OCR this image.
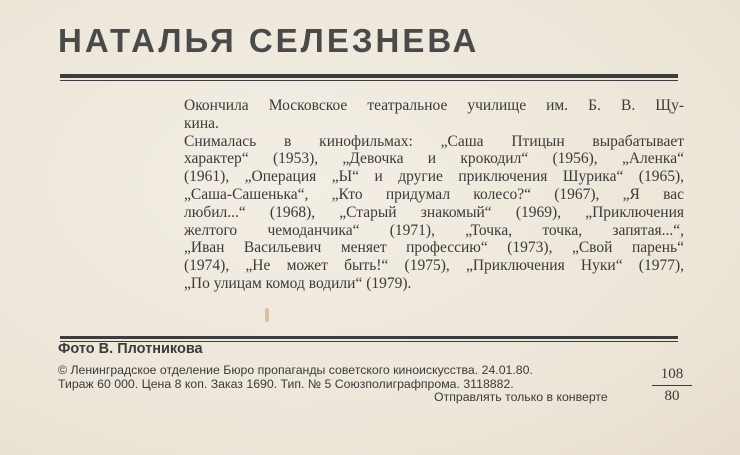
НАТАЛЬЯ СЕЛЕЗНЕВА
Окончила Московское театральное училище им. Б. В. Щу-
кина.
Снималась в кинофильмах: „Саша Птицын вырабатывает
характер“ (1953), „Девочка и крокодил“ (1956), „Аленка“
(1961), „Операция „Ы“ и другие приключения Шурика“ (1965),
„Саша-Сашенька“, „Кто придумал колесо?“ (1967), „Я вас
любил...“ (1968), „Старый знакомый“ (1969), „Приключения
желтого чемоданчика“ (1971), „Точка, точка, запятая...“,
„Иван Васильевич меняет профессию“ (1973), „Свой парень“
(1974), „Не может быть!“ (1975), „Приключения Нуки“ (1977),
„По улицам комод водили“ (1979).
Фото В. Плотникова
© Ленинградское отделение Бюро пропаганды советского киноискусства. 24.01.80.
Тираж 60 000. Цена 8 коп. Заказ 1690. Тип. № 5 Союзполиграфпрома. 3118882.
Отправлять только в конверте
108
80
